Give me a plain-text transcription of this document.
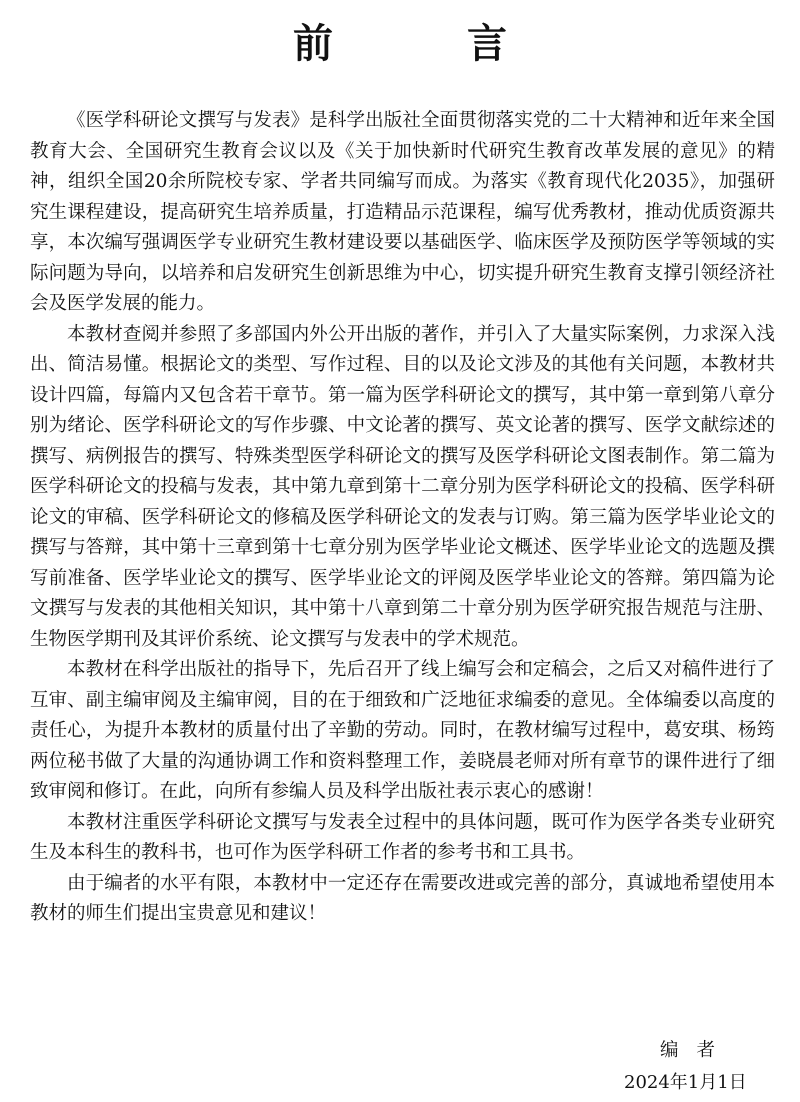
前 言

《医学科研论文撰写与发表》是科学出版社全面贯彻落实党的二十大精神和近年来全国教育大会、全国研究生教育会议以及《关于加快新时代研究生教育改革发展的意见》的精神，组织全国20余所院校专家、学者共同编写而成。为落实《教育现代化2035》，加强研究生课程建设，提高研究生培养质量，打造精品示范课程，编写优秀教材，推动优质资源共享，本次编写强调医学专业研究生教材建设要以基础医学、临床医学及预防医学等领域的实际问题为导向，以培养和启发研究生创新思维为中心，切实提升研究生教育支撑引领经济社会及医学发展的能力。

本教材查阅并参照了多部国内外公开出版的著作，并引入了大量实际案例，力求深入浅出、简洁易懂。根据论文的类型、写作过程、目的以及论文涉及的其他有关问题，本教材共设计四篇，每篇内又包含若干章节。第一篇为医学科研论文的撰写，其中第一章到第八章分别为绪论、医学科研论文的写作步骤、中文论著的撰写、英文论著的撰写、医学文献综述的撰写、病例报告的撰写、特殊类型医学科研论文的撰写及医学科研论文图表制作。第二篇为医学科研论文的投稿与发表，其中第九章到第十二章分别为医学科研论文的投稿、医学科研论文的审稿、医学科研论文的修稿及医学科研论文的发表与订购。第三篇为医学毕业论文的撰写与答辩，其中第十三章到第十七章分别为医学毕业论文概述、医学毕业论文的选题及撰写前准备、医学毕业论文的撰写、医学毕业论文的评阅及医学毕业论文的答辩。第四篇为论文撰写与发表的其他相关知识，其中第十八章到第二十章分别为医学研究报告规范与注册、生物医学期刊及其评价系统、论文撰写与发表中的学术规范。

本教材在科学出版社的指导下，先后召开了线上编写会和定稿会，之后又对稿件进行了互审、副主编审阅及主编审阅，目的在于细致和广泛地征求编委的意见。全体编委以高度的责任心，为提升本教材的质量付出了辛勤的劳动。同时，在教材编写过程中，葛安琪、杨筠两位秘书做了大量的沟通协调工作和资料整理工作，姜晓晨老师对所有章节的课件进行了细致审阅和修订。在此，向所有参编人员及科学出版社表示衷心的感谢！

本教材注重医学科研论文撰写与发表全过程中的具体问题，既可作为医学各类专业研究生及本科生的教科书，也可作为医学科研工作者的参考书和工具书。

由于编者的水平有限，本教材中一定还存在需要改进或完善的部分，真诚地希望使用本教材的师生们提出宝贵意见和建议！

编者
2024年1月1日
